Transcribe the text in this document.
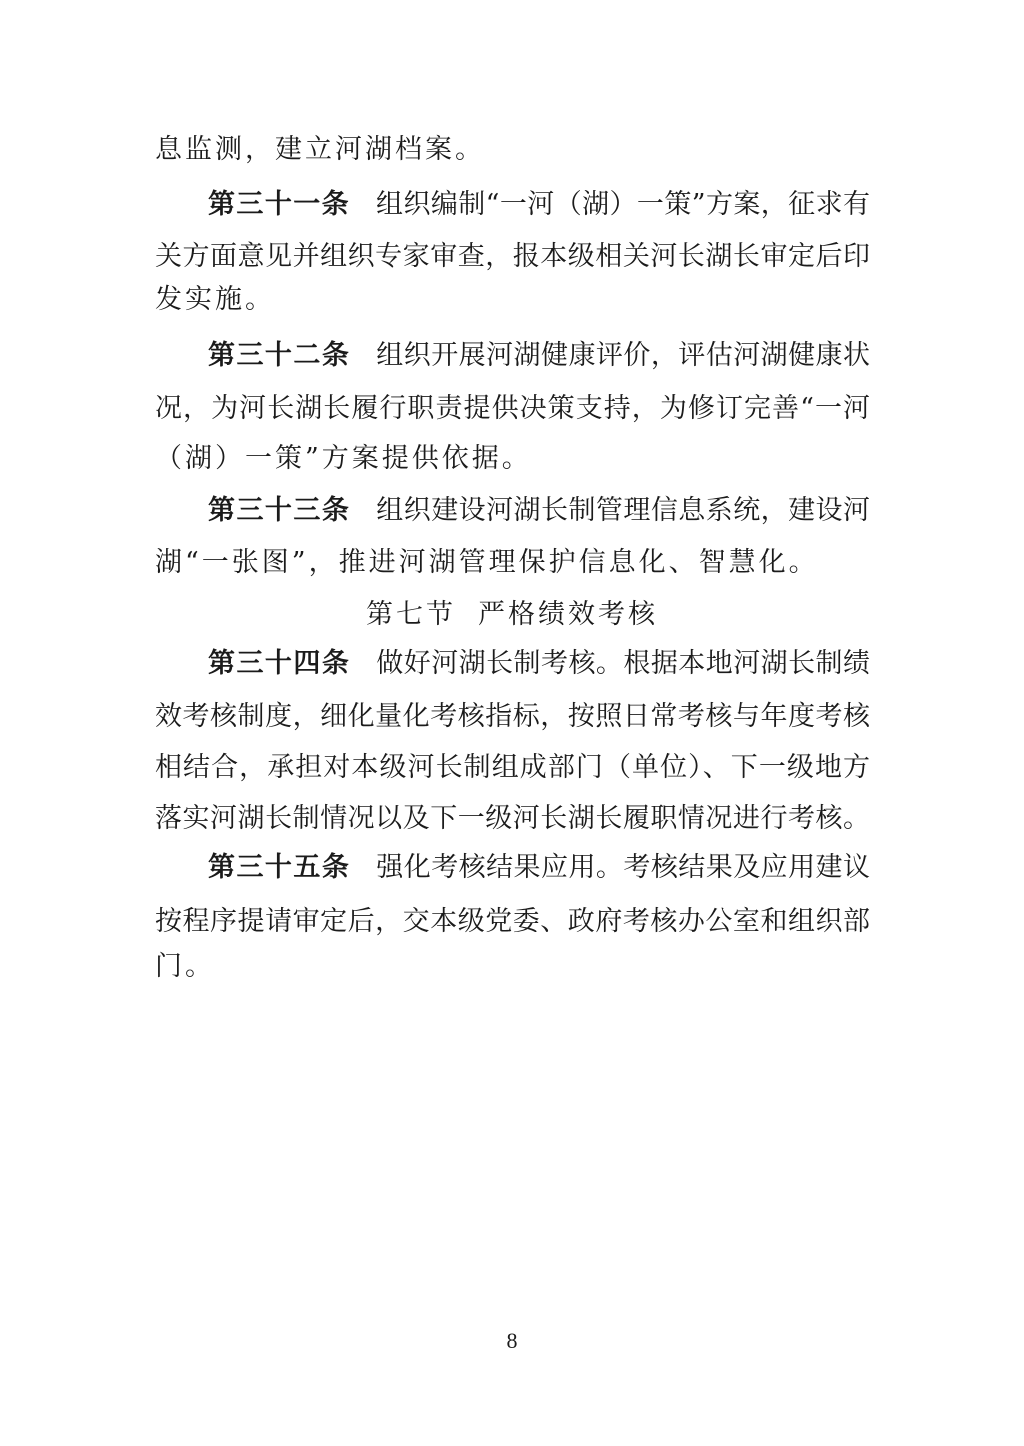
息监测，建立河湖档案。
第三十一条 组织编制“一河（湖）一策”方案，征求有
关方面意见并组织专家审查，报本级相关河长湖长审定后印
发实施。
第三十二条 组织开展河湖健康评价，评估河湖健康状
况，为河长湖长履行职责提供决策支持，为修订完善“一河
（湖）一策”方案提供依据。
第三十三条 组织建设河湖长制管理信息系统，建设河
湖“一张图”，推进河湖管理保护信息化、智慧化。
第七节 严格绩效考核
第三十四条 做好河湖长制考核。根据本地河湖长制绩
效考核制度，细化量化考核指标，按照日常考核与年度考核
相结合，承担对本级河长制组成部门（单位）、下一级地方
落实河湖长制情况以及下一级河长湖长履职情况进行考核。
第三十五条 强化考核结果应用。考核结果及应用建议
按程序提请审定后，交本级党委、政府考核办公室和组织部
门。
8
